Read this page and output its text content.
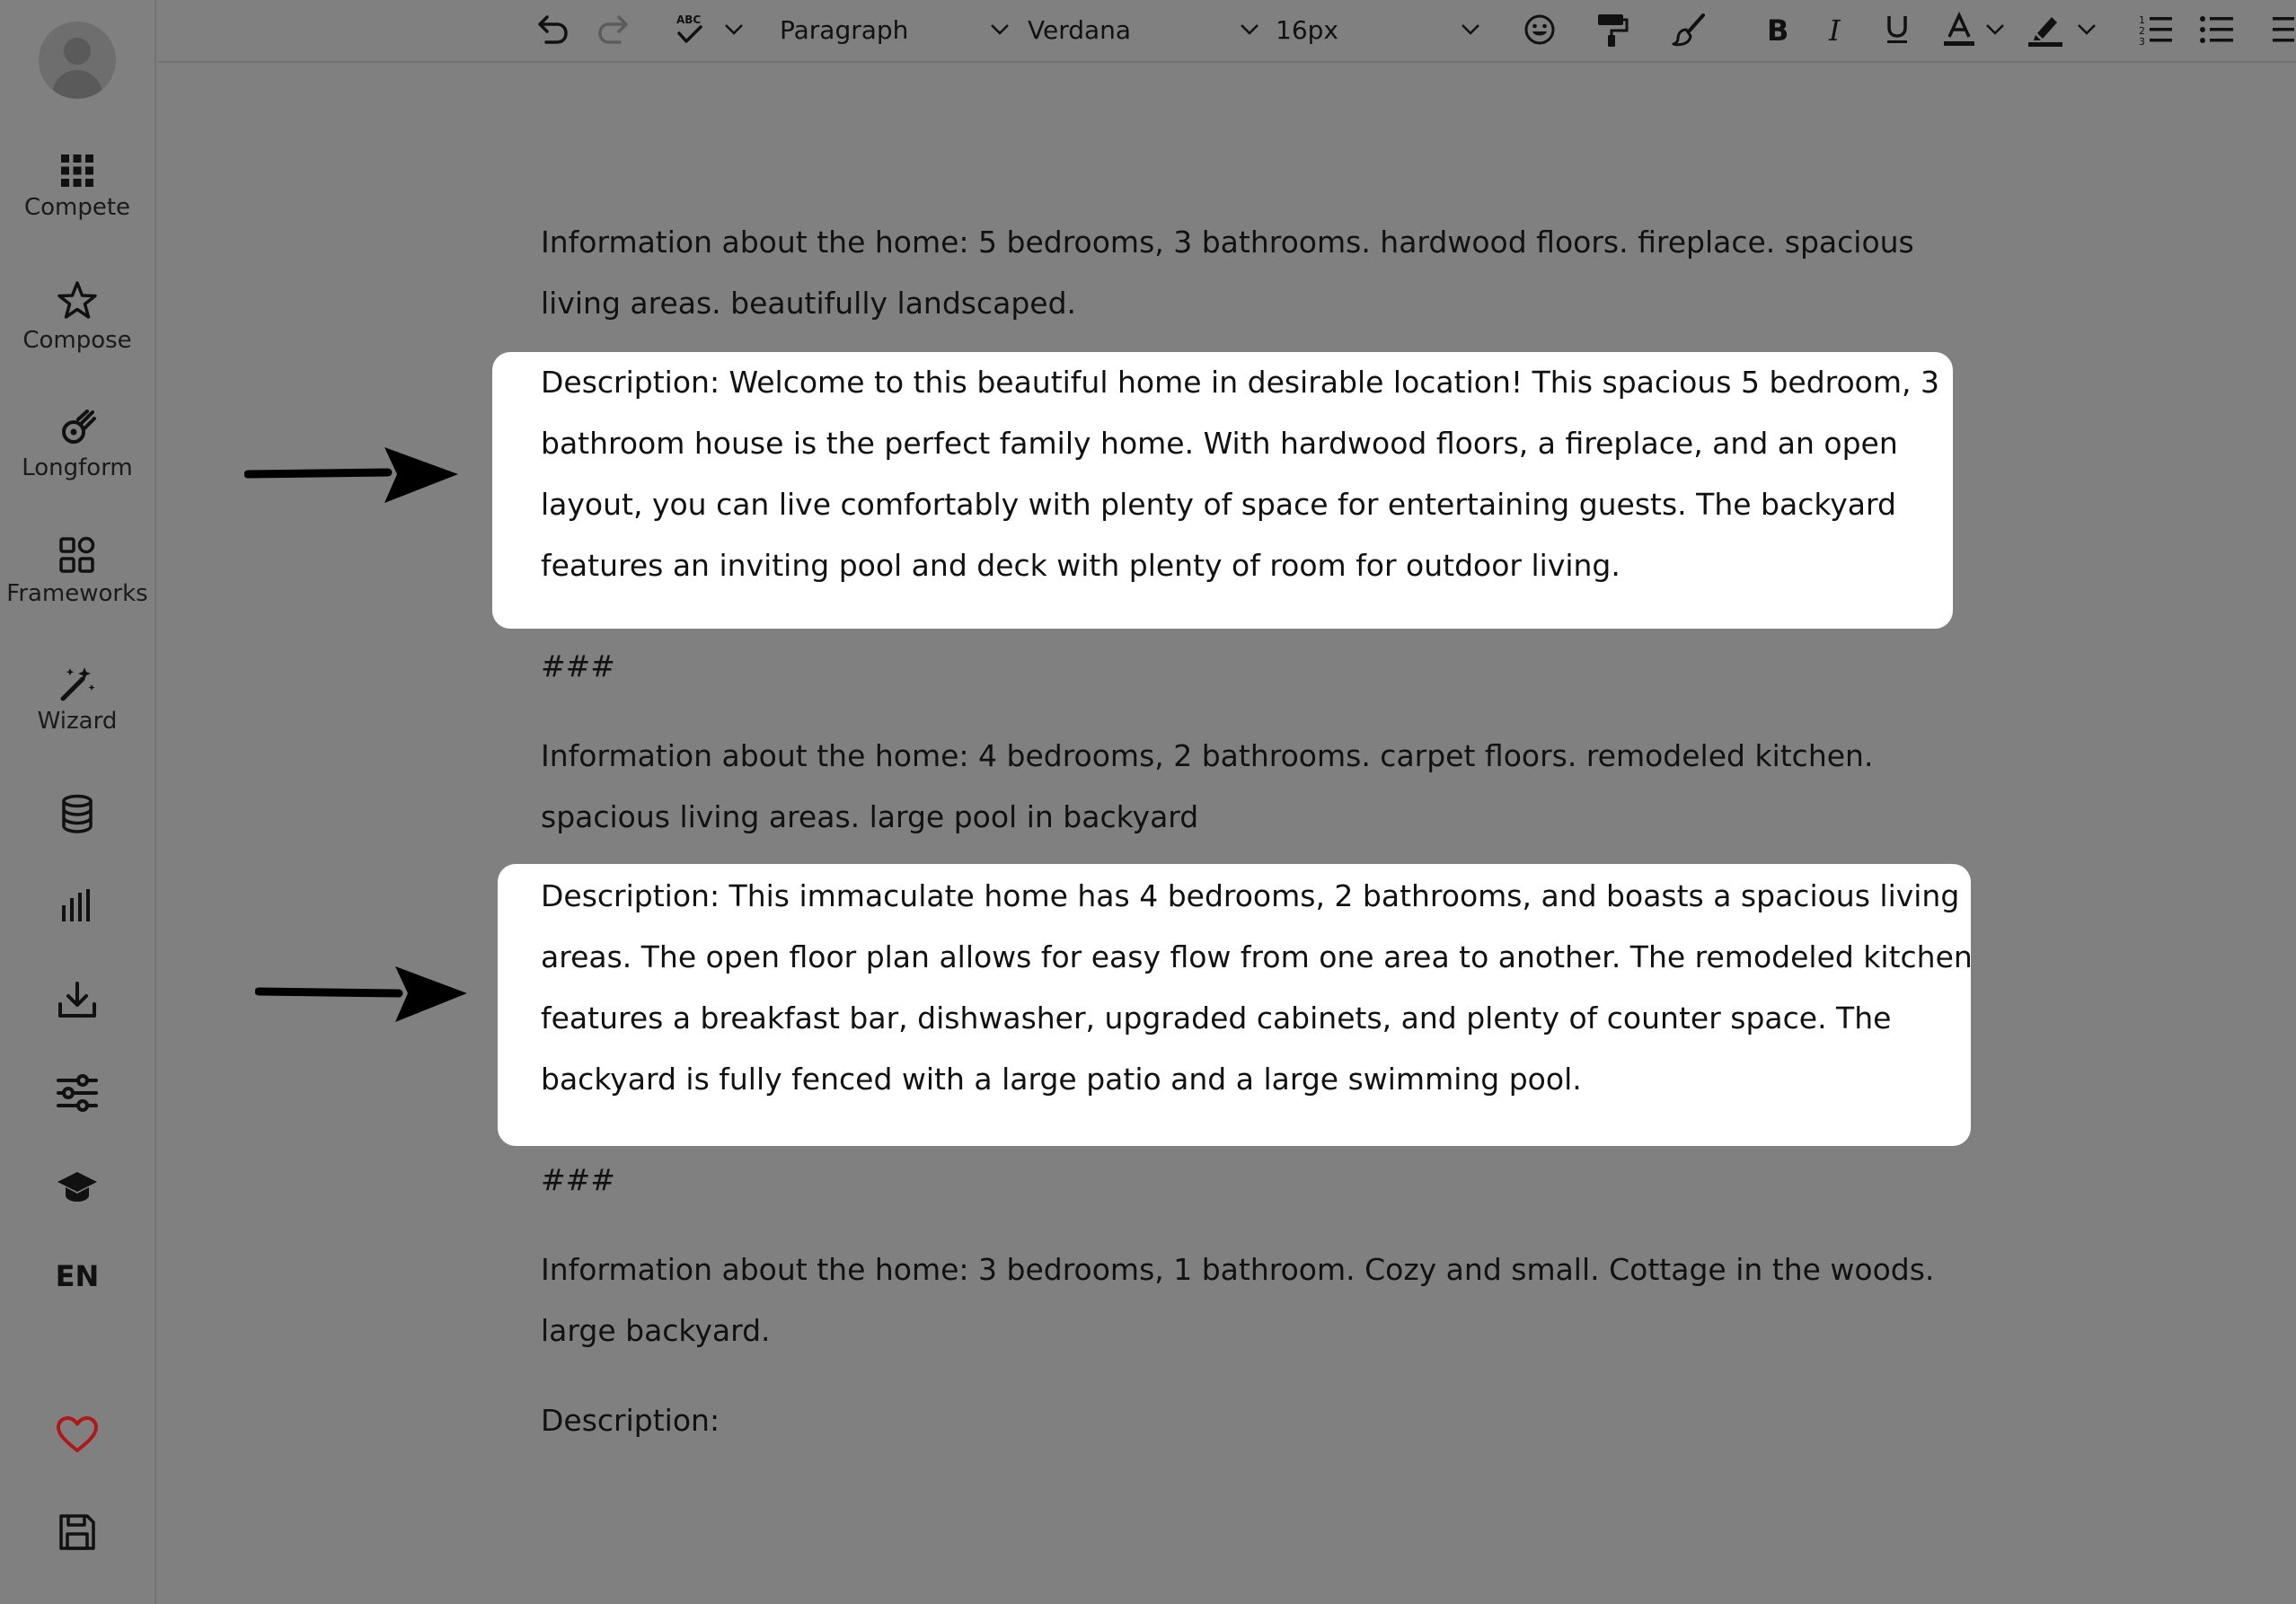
Compete
Compose
Longform
Frameworks
Wizard
EN
ABC	Paragraph	Verdana	16px	B I	1
2
3
Information about the home: 5 bedrooms, 3 bathrooms. hardwood floors. fireplace. spacious
living areas. beautifully landscaped.
Description: Welcome to this beautiful home in desirable location! This spacious 5 bedroom, 3
bathroom house is the perfect family home. With hardwood floors, a fireplace, and an open
layout, you can live comfortably with plenty of space for entertaining guests. The backyard
features an inviting pool and deck with plenty of room for outdoor living.
###
Information about the home: 4 bedrooms, 2 bathrooms. carpet floors. remodeled kitchen.
spacious living areas. large pool in backyard
Description: This immaculate home has 4 bedrooms, 2 bathrooms, and boasts a spacious living
areas. The open floor plan allows for easy flow from one area to another. The remodeled kitchen
features a breakfast bar, dishwasher, upgraded cabinets, and plenty of counter space. The
backyard is fully fenced with a large patio and a large swimming pool.
###
Information about the home: 3 bedrooms, 1 bathroom. Cozy and small. Cottage in the woods.
large backyard.
Description:
